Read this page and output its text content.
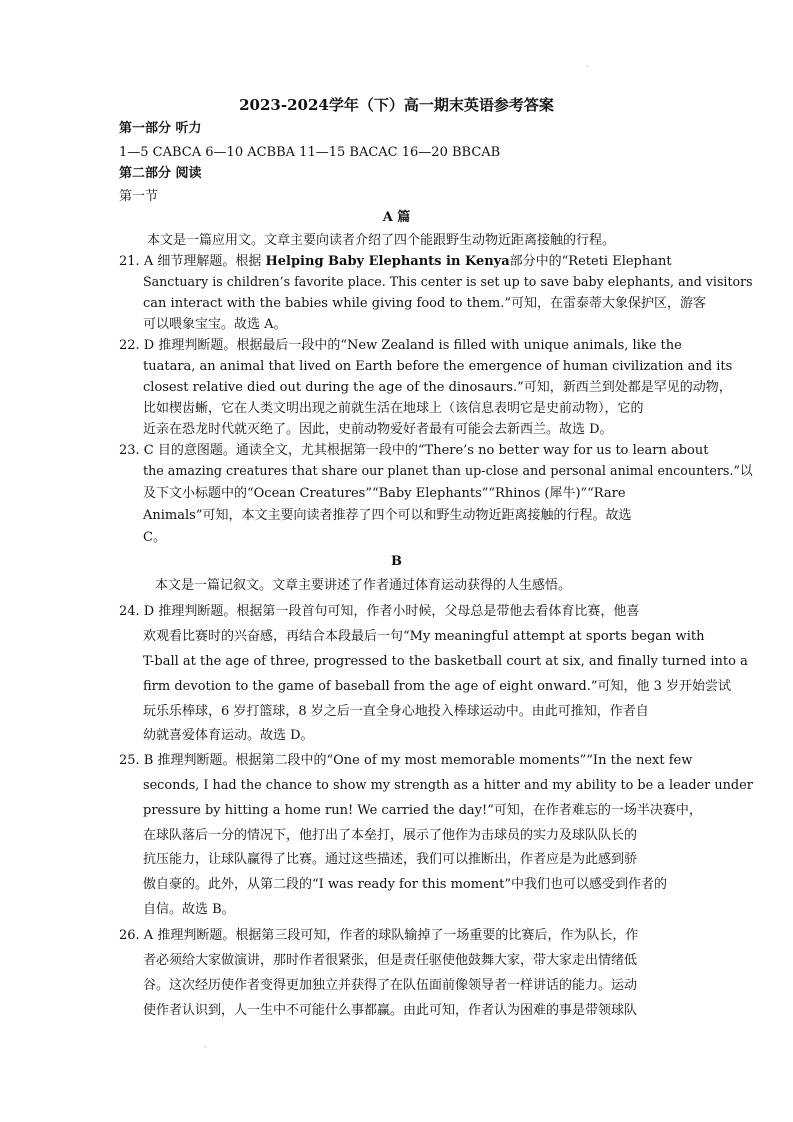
·
2023-2024学年（下）高一期末英语参考答案
第一部分 听力
1—5 CABCA 6—10 ACBBA 11—15 BACAC 16—20 BBCAB
第二部分 阅读
第一节
A 篇
本文是一篇应用文。文章主要向读者介绍了四个能跟野生动物近距离接触的行程。
21. A 细节理解题。根据 Helping Baby Elephants in Kenya部分中的“Reteti Elephant
Sanctuary is children’s favorite place. This center is set up to save baby elephants, and visitors
can interact with the babies while giving food to them.”可知，在雷泰蒂大象保护区，游客
可以喂象宝宝。故选 A。
22. D 推理判断题。根据最后一段中的“New Zealand is filled with unique animals, like the
tuatara, an animal that lived on Earth before the emergence of human civilization and its
closest relative died out during the age of the dinosaurs.”可知，新西兰到处都是罕见的动物，
比如楔齿蜥，它在人类文明出现之前就生活在地球上（该信息表明它是史前动物），它的
近亲在恐龙时代就灭绝了。因此，史前动物爱好者最有可能会去新西兰。故选 D。
23. C 目的意图题。通读全文，尤其根据第一段中的“There’s no better way for us to learn about
the amazing creatures that share our planet than up-close and personal animal encounters.”以
及下文小标题中的“Ocean Creatures”“Baby Elephants”“Rhinos (犀牛)”“Rare
Animals”可知，本文主要向读者推荐了四个可以和野生动物近距离接触的行程。故选
C。
B
本文是一篇记叙文。文章主要讲述了作者通过体育运动获得的人生感悟。
24. D 推理判断题。根据第一段首句可知，作者小时候，父母总是带他去看体育比赛，他喜
欢观看比赛时的兴奋感，再结合本段最后一句“My meaningful attempt at sports began with
T-ball at the age of three, progressed to the basketball court at six, and finally turned into a
firm devotion to the game of baseball from the age of eight onward.”可知，他 3 岁开始尝试
玩乐乐棒球，6 岁打篮球，8 岁之后一直全身心地投入棒球运动中。由此可推知，作者自
幼就喜爱体育运动。故选 D。
25. B 推理判断题。根据第二段中的“One of my most memorable moments”“In the next few
seconds, I had the chance to show my strength as a hitter and my ability to be a leader under
pressure by hitting a home run! We carried the day!”可知，在作者难忘的一场半决赛中，
在球队落后一分的情况下，他打出了本垒打，展示了他作为击球员的实力及球队队长的
抗压能力，让球队赢得了比赛。通过这些描述，我们可以推断出，作者应是为此感到骄
傲自豪的。此外，从第二段的“I was ready for this moment”中我们也可以感受到作者的
自信。故选 B。
26. A 推理判断题。根据第三段可知，作者的球队输掉了一场重要的比赛后，作为队长，作
者必须给大家做演讲，那时作者很紧张，但是责任驱使他鼓舞大家，带大家走出情绪低
谷。这次经历使作者变得更加独立并获得了在队伍面前像领导者一样讲话的能力。运动
使作者认识到，人一生中不可能什么事都赢。由此可知，作者认为困难的事是带领球队
·
